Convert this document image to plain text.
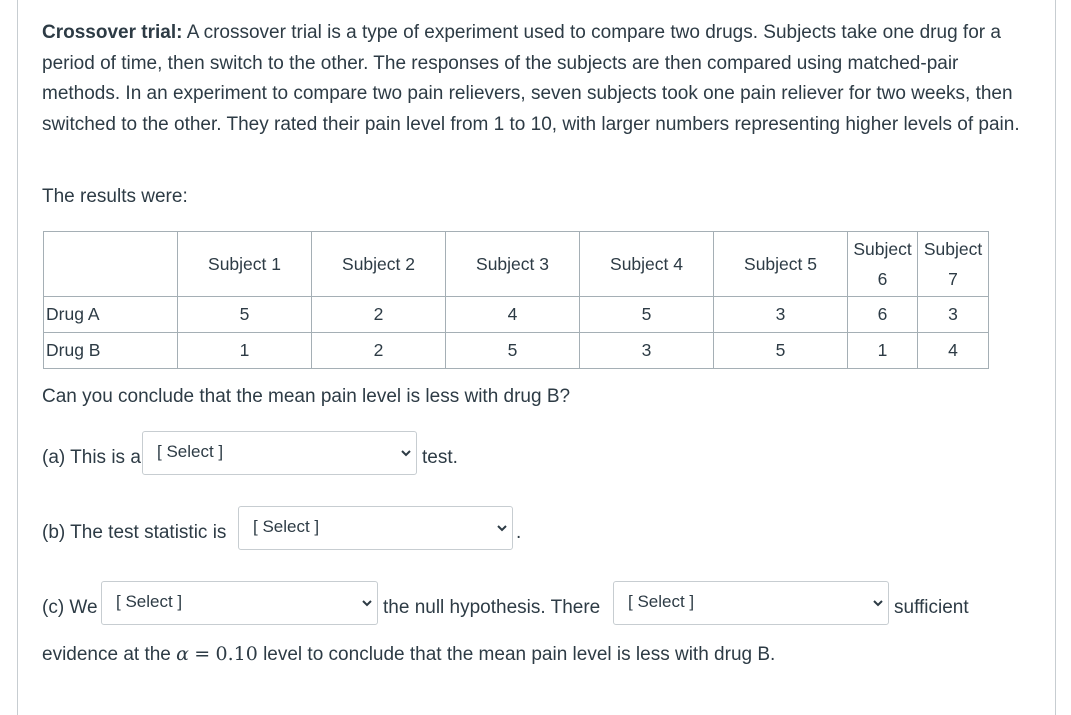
Crossover trial: A crossover trial is a type of experiment used to compare two drugs. Subjects take one drug for a period of time, then switch to the other. The responses of the subjects are then compared using matched-pair methods. In an experiment to compare two pain relievers, seven subjects took one pain reliever for two weeks, then switched to the other. They rated their pain level from 1 to 10, with larger numbers representing higher levels of pain.

The results were:

	Subject 1	Subject 2	Subject 3	Subject 4	Subject 5	Subject 6	Subject 7
Drug A	5	2	4	5	3	6	3
Drug B	1	2	5	3	5	1	4

Can you conclude that the mean pain level is less with drug B?

(a) This is a [ Select ]	test.
(b) The test statistic is [ Select ]	.
(c) We [ Select ]	the null hypothesis. There [ Select ]	sufficient
evidence at the α = 0.10 level to conclude that the mean pain level is less with drug B.
